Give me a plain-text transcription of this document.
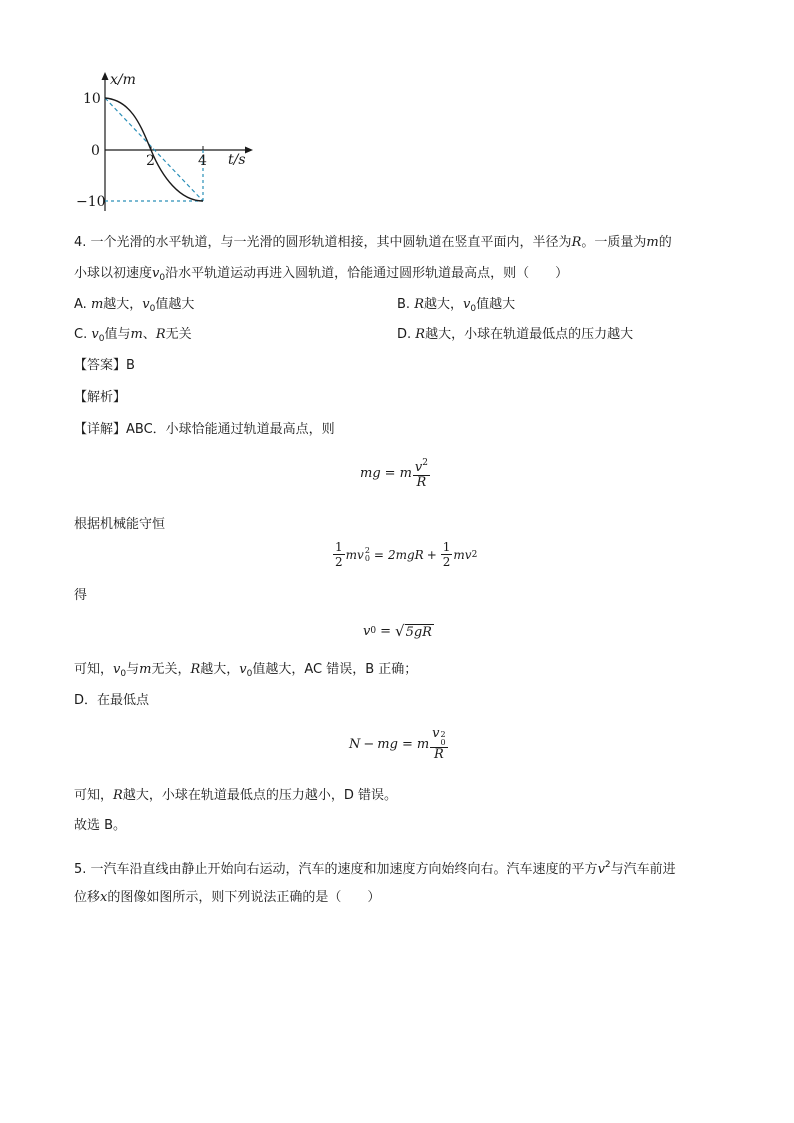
x/m
t/s
10
0
−10
2	4
4. 一个光滑的水平轨道，与一光滑的圆形轨道相接，其中圆轨道在竖直平面内，半径为R。一质量为m的
小球以初速度$v_0$沿水平轨道运动再进入圆轨道，恰能通过圆形轨道最高点，则（　　）
A. m越大，$v_0$值越大	B. R越大，$v_0$值越大
C. $v_0$值与m、R无关	D. R越大，小球在轨道最低点的压力越大
【答案】B
【解析】
【详解】ABC．小球恰能通过轨道最高点，则
mg = m $\frac{v^2}{R}$
根据机械能守恒
$\frac{1}{2}$ mv 2
$0 = 2mgR + \frac{1}{2}$ mv 2
得
v 0 = √ 5gR
可知，$v_0$与m无关，R越大，$v_0$值越大，AC 错误，B 正确；
D．在最低点
N − mg = m v 2
0
R
可知，R越大，小球在轨道最低点的压力越小，D 错误。
故选 B。
5. 一汽车沿直线由静止开始向右运动，汽车的速度和加速度方向始终向右。汽车速度的平方$v^2$与汽车前进
位移x的图像如图所示，则下列说法正确的是（　　）
